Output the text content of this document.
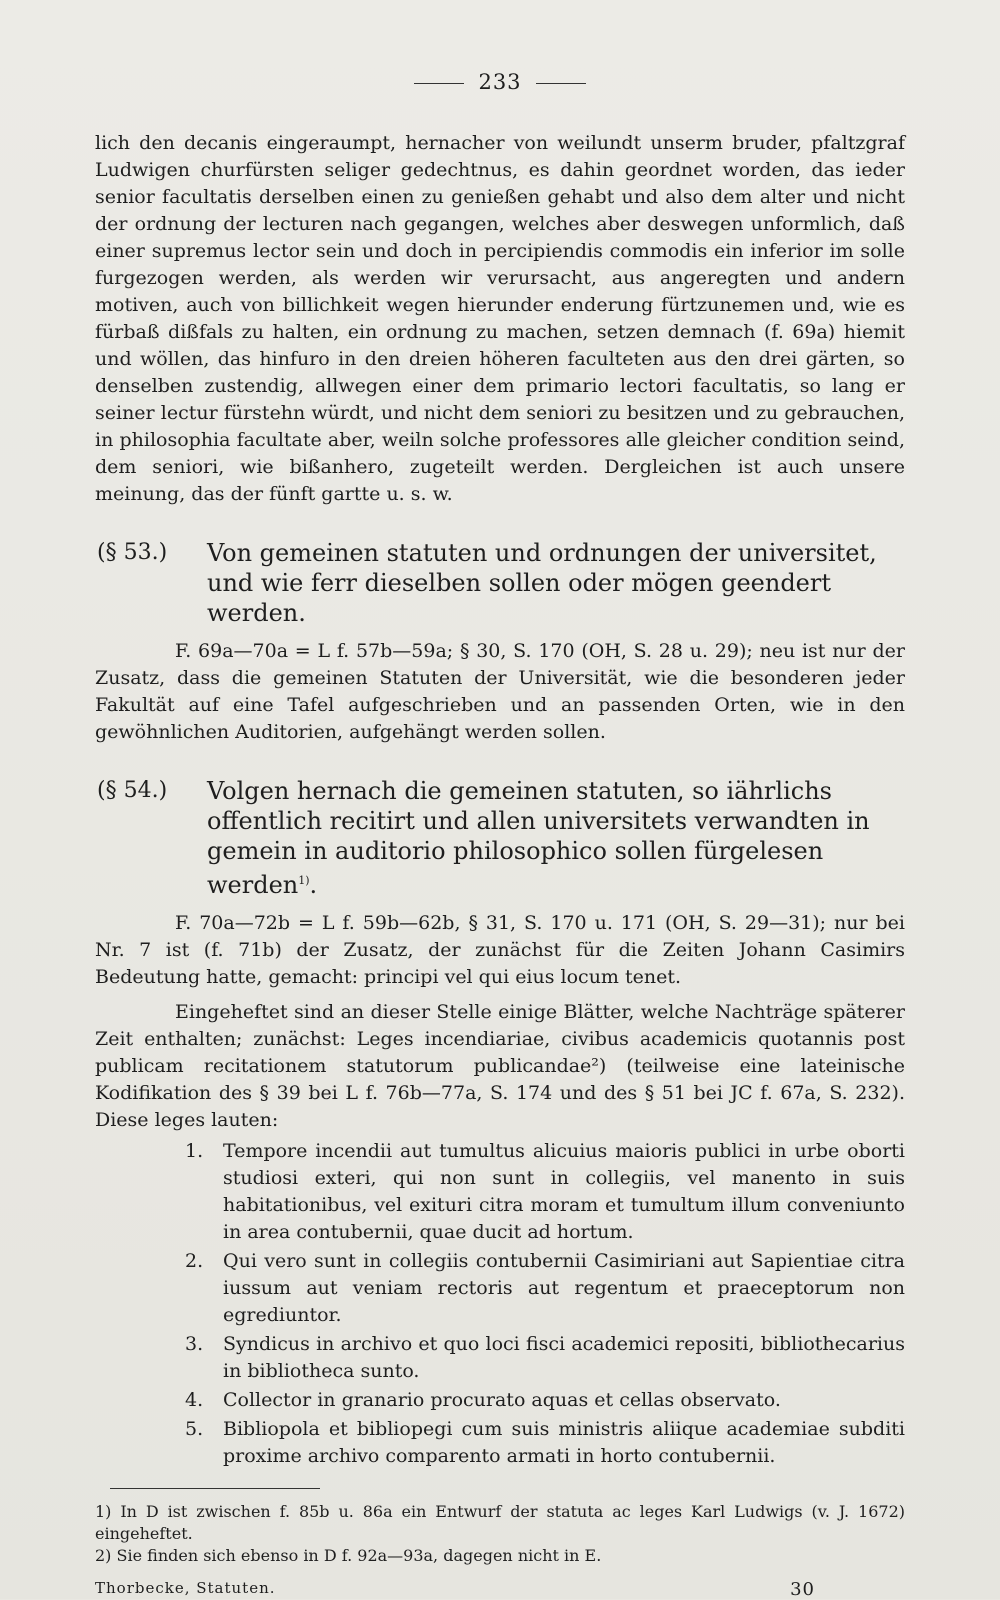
233

lich den decanis eingeraumpt, hernacher von weilundt unserm bruder, pfaltzgraf Ludwigen churfürsten seliger gedechtnus, es dahin geordnet worden, das ieder senior facultatis derselben einen zu genießen gehabt und also dem alter und nicht der ordnung der lecturen nach gegangen, welches aber deswegen unformlich, daß einer supremus lector sein und doch in percipiendis commodis ein inferior im solle furgezogen werden, als werden wir verursacht, aus angeregten und andern motiven, auch von billichkeit wegen hierunder enderung fürtzunemen und, wie es fürbaß dißfals zu halten, ein ordnung zu machen, setzen demnach (f. 69a) hiemit und wöllen, das hinfuro in den dreien höheren faculteten aus den drei gärten, so denselben zustendig, allwegen einer dem primario lectori facultatis, so lang er seiner lectur fürstehn würdt, und nicht dem seniori zu besitzen und zu gebrauchen, in philosophia facultate aber, weiln solche professores alle gleicher condition seind, dem seniori, wie bißanhero, zugeteilt werden. Dergleichen ist auch unsere meinung, das der fünft gartte u. s. w.

(§ 53.)	Von gemeinen statuten und ordnungen der universitet, und wie ferr dieselben sollen oder mögen geendert werden.

F. 69a—70a = L f. 57b—59a; § 30, S. 170 (OH, S. 28 u. 29); neu ist nur der Zusatz, dass die gemeinen Statuten der Universität, wie die besonderen jeder Fakultät auf eine Tafel aufgeschrieben und an passenden Orten, wie in den gewöhnlichen Auditorien, aufgehängt werden sollen.

(§ 54.)	Volgen hernach die gemeinen statuten, so iährlichs offentlich recitirt und allen universitets verwandten in gemein in auditorio philosophico sollen fürgelesen werden$^{1)}$.

F. 70a—72b = L f. 59b—62b, § 31, S. 170 u. 171 (OH, S. 29—31); nur bei Nr. 7 ist (f. 71b) der Zusatz, der zunächst für die Zeiten Johann Casimirs Bedeutung hatte, gemacht: principi vel qui eius locum tenet.

Eingeheftet sind an dieser Stelle einige Blätter, welche Nachträge späterer Zeit enthalten; zunächst: Leges incendiariae, civibus academicis quotannis post publicam recitationem statutorum publicandae²) (teilweise eine lateinische Kodifikation des § 39 bei L f. 76b—77a, S. 174 und des § 51 bei JC f. 67a, S. 232). Diese leges lauten:

1.	Tempore incendii aut tumultus alicuius maioris publici in urbe oborti studiosi exteri, qui non sunt in collegiis, vel manento in suis habitationibus, vel exituri citra moram et tumultum illum conveniunto in area contubernii, quae ducit ad hortum.
2.	Qui vero sunt in collegiis contubernii Casimiriani aut Sapientiae citra iussum aut veniam rectoris aut regentum et praeceptorum non egrediuntor.
3.	Syndicus in archivo et quo loci fisci academici repositi, bibliothecarius in bibliotheca sunto.
4.	Collector in granario procurato aquas et cellas observato.
5.	Bibliopola et bibliopegi cum suis ministris aliique academiae subditi proxime archivo comparento armati in horto contubernii.

1) In D ist zwischen f. 85b u. 86a ein Entwurf der statuta ac leges Karl Ludwigs (v. J. 1672) eingeheftet.

2) Sie finden sich ebenso in D f. 92a—93a, dagegen nicht in E.

Thorbecke, Statuten.	30
